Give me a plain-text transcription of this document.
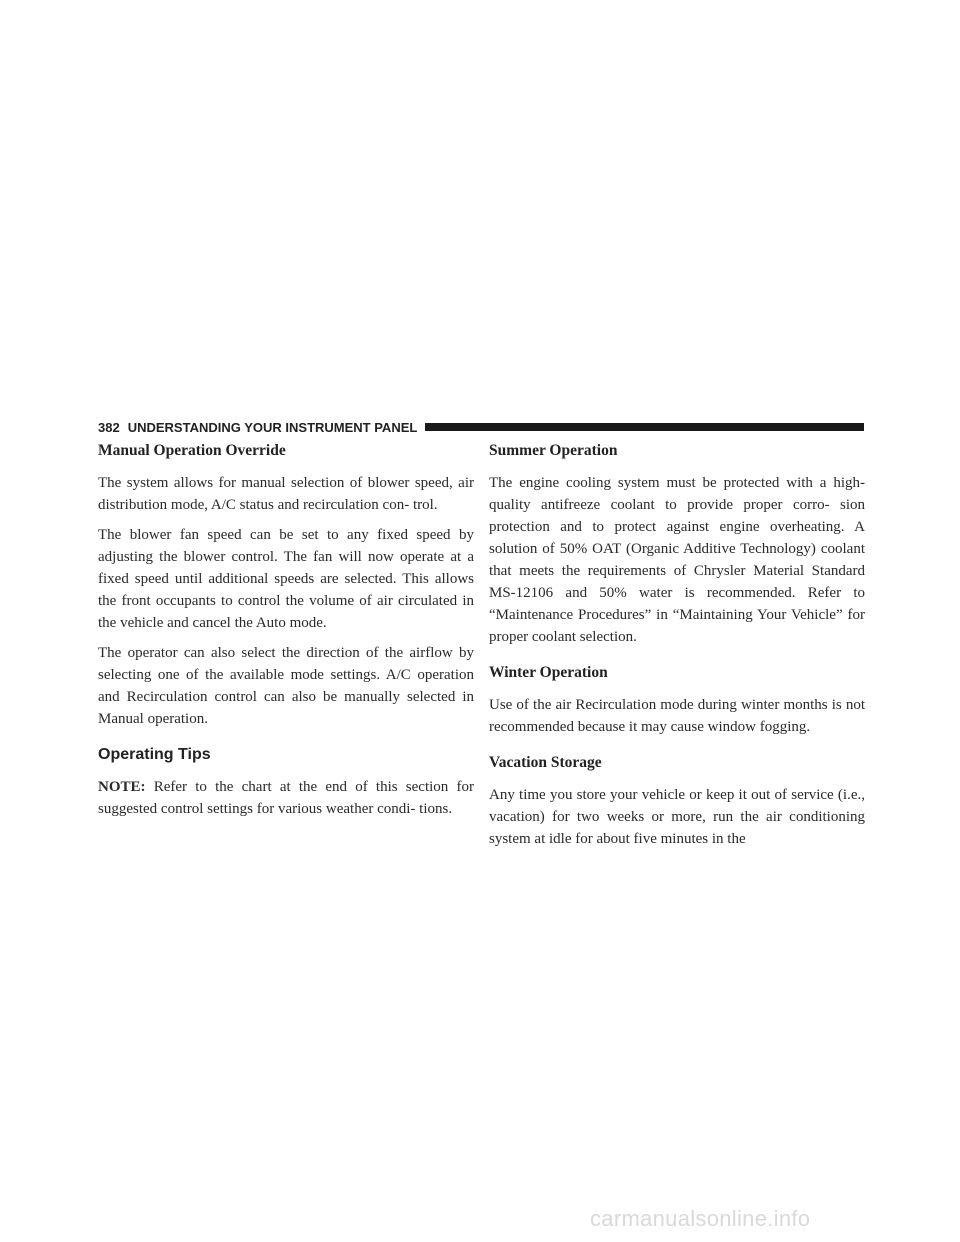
382 UNDERSTANDING YOUR INSTRUMENT PANEL
Manual Operation Override

The system allows for manual selection of blower speed, air distribution mode, A/C status and recirculation con- trol.

The blower fan speed can be set to any fixed speed by adjusting the blower control. The fan will now operate at a fixed speed until additional speeds are selected. This allows the front occupants to control the volume of air circulated in the vehicle and cancel the Auto mode.

The operator can also select the direction of the airflow by selecting one of the available mode settings. A/C operation and Recirculation control can also be manually selected in Manual operation.

Operating Tips

NOTE: Refer to the chart at the end of this section for suggested control settings for various weather condi- tions.

Summer Operation

The engine cooling system must be protected with a high-quality antifreeze coolant to provide proper corro- sion protection and to protect against engine overheating. A solution of 50% OAT (Organic Additive Technology) coolant that meets the requirements of Chrysler Material Standard MS-12106 and 50% water is recommended. Refer to “Maintenance Procedures” in “Maintaining Your Vehicle” for proper coolant selection.

Winter Operation

Use of the air Recirculation mode during winter months is not recommended because it may cause window fogging.

Vacation Storage

Any time you store your vehicle or keep it out of service (i.e., vacation) for two weeks or more, run the air conditioning system at idle for about five minutes in the

carmanualsonline.info
